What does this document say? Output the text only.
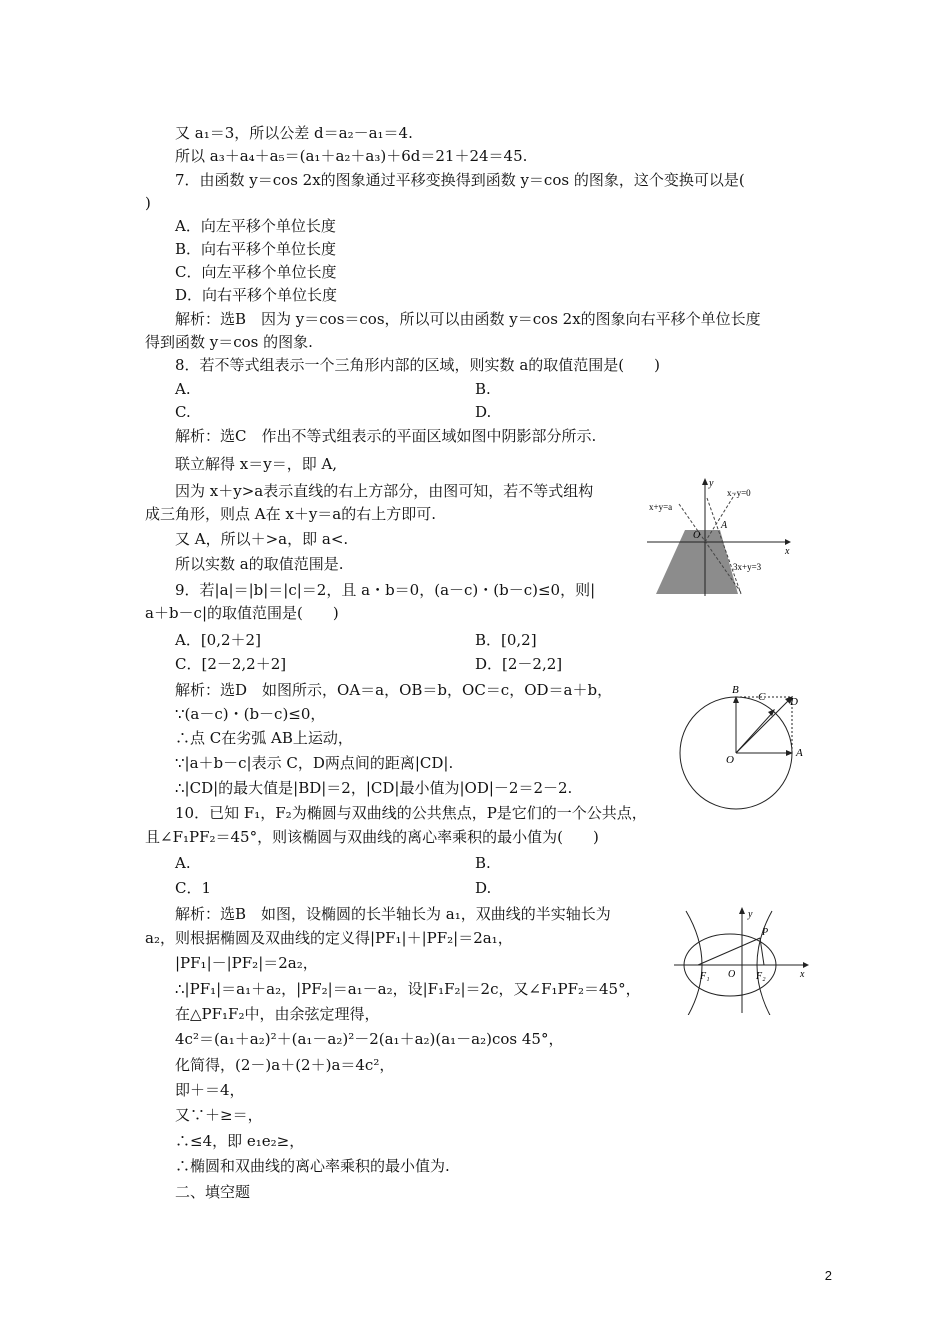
又 a₁＝3，所以公差 d＝a₂－a₁＝4.
所以 a₃＋a₄＋a₅＝(a₁＋a₂＋a₃)＋6d＝21＋24＝45.
7．由函数 y＝cos 2x的图象通过平移变换得到函数 y＝cos 的图象，这个变换可以是(
)
A．向左平移个单位长度
B．向右平移个单位长度
C．向左平移个单位长度
D．向右平移个单位长度
解析：选B　因为 y＝cos＝cos，所以可以由函数 y＝cos 2x的图象向右平移个单位长度
得到函数 y＝cos 的图象.
8．若不等式组表示一个三角形内部的区域，则实数 a的取值范围是(　　)
A.	B.
C.	D.
解析：选C　作出不等式组表示的平面区域如图中阴影部分所示.
联立解得 x＝y＝，即 A,
因为 x＋y>a表示直线的右上方部分，由图可知，若不等式组构
成三角形，则点 A在 x＋y＝a的右上方即可.
又 A，所以＋>a，即 a<.
所以实数 a的取值范围是.
9．若|a|＝|b|＝|c|＝2，且 a・b＝0，(a－c)・(b－c)≤0，则|
a＋b－c|的取值范围是(　　)
A．[0,2＋2]	B．[0,2]
C．[2－2,2＋2]	D．[2－2,2]
解析：选D　如图所示，OA＝a，OB＝b，OC＝c，OD＝a＋b，
∵(a－c)・(b－c)≤0，
∴点 C在劣弧 AB上运动，
∵|a＋b－c|表示 C，D两点间的距离|CD|.
∴|CD|的最大值是|BD|＝2，|CD|最小值为|OD|－2＝2－2.
10．已知 F₁，F₂为椭圆与双曲线的公共焦点，P是它们的一个公共点，
且∠F₁PF₂＝45°，则该椭圆与双曲线的离心率乘积的最小值为(　　)
A.	B.
C．1	D.
解析：选B　如图，设椭圆的长半轴长为 a₁，双曲线的半实轴长为
a₂，则根据椭圆及双曲线的定义得|PF₁|＋|PF₂|＝2a₁，
|PF₁|－|PF₂|＝2a₂，
∴|PF₁|＝a₁＋a₂，|PF₂|＝a₁－a₂，设|F₁F₂|＝2c，又∠F₁PF₂＝45°，
在△PF₁F₂中，由余弦定理得，
4c²＝(a₁＋a₂)²＋(a₁－a₂)²－2(a₁＋a₂)(a₁－a₂)cos 45°，
化简得，(2－)a＋(2＋)a＝4c²，
即＋＝4，
又∵＋≥＝，
∴≤4，即 e₁e₂≥，
∴椭圆和双曲线的离心率乘积的最小值为.
二、填空题
x+y=a
x−y=0
3x+y=3
O
A
x
y
B
C D
O
A
y
P
F₁ O F₂	x
2
